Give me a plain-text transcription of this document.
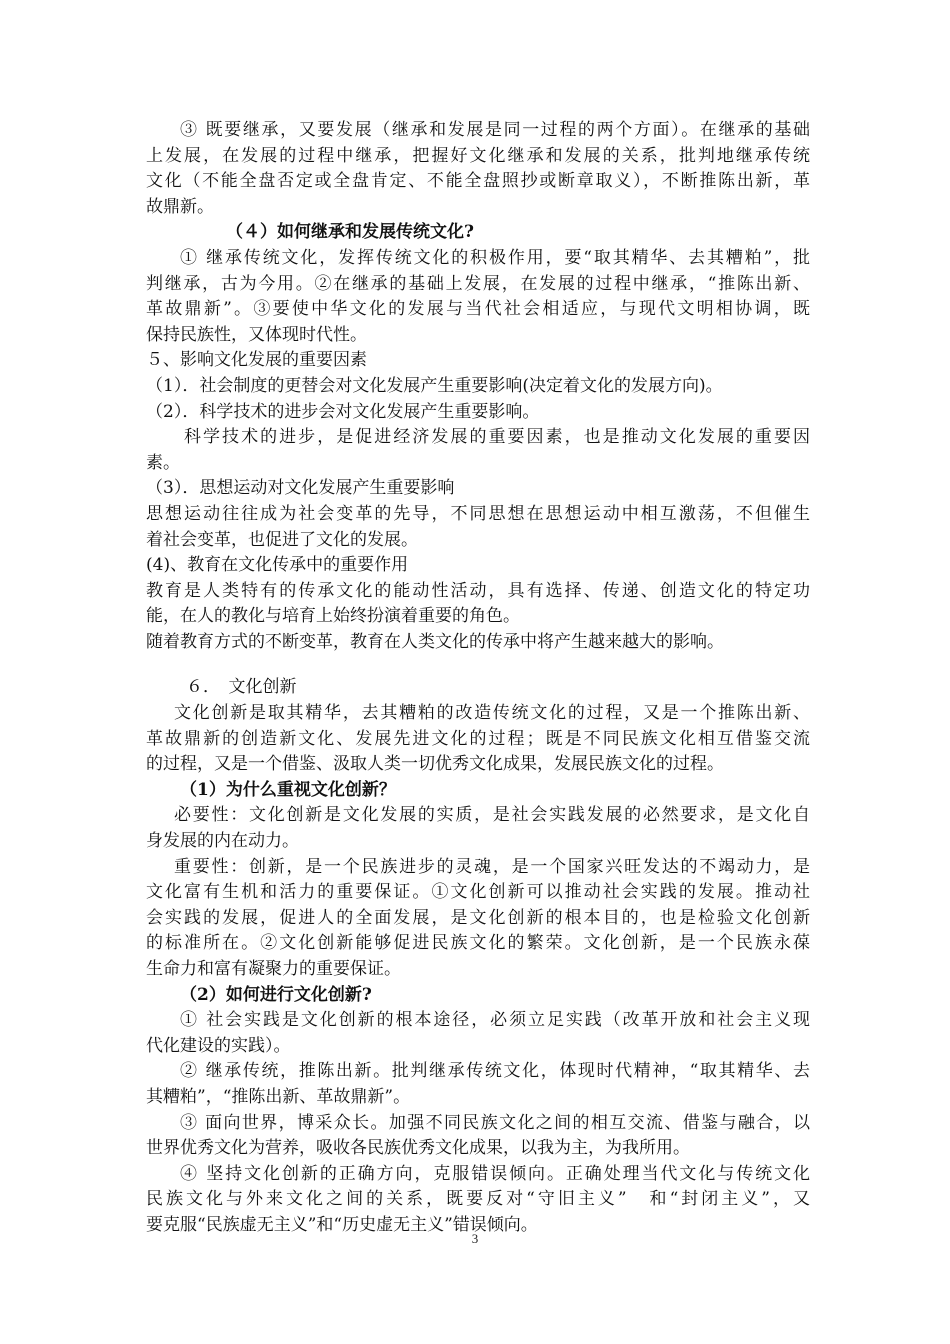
③ 既要继承，又要发展（继承和发展是同一过程的两个方面）。在继承的基础
上发展，在发展的过程中继承，把握好文化继承和发展的关系，批判地继承传统
文化（不能全盘否定或全盘肯定、不能全盘照抄或断章取义），不断推陈出新，革
故鼎新。
（４）如何继承和发展传统文化?
① 继承传统文化，发挥传统文化的积极作用，要“取其精华、去其糟粕”，批
判继承，古为今用。②在继承的基础上发展，在发展的过程中继承，“推陈出新、
革故鼎新”。③要使中华文化的发展与当代社会相适应，与现代文明相协调，既
保持民族性，又体现时代性。
５、影响文化发展的重要因素
（1）．社会制度的更替会对文化发展产生重要影响(决定着文化的发展方向)。
（2）．科学技术的进步会对文化发展产生重要影响。
科学技术的进步，是促进经济发展的重要因素，也是推动文化发展的重要因
素。
（3）．思想运动对文化发展产生重要影响
思想运动往往成为社会变革的先导，不同思想在思想运动中相互激荡，不但催生
着社会变革，也促进了文化的发展。
(4)、教育在文化传承中的重要作用
教育是人类特有的传承文化的能动性活动，具有选择、传递、创造文化的特定功
能，在人的教化与培育上始终扮演着重要的角色。
随着教育方式的不断变革，教育在人类文化的传承中将产生越来越大的影响。
６．　文化创新
文化创新是取其精华，去其糟粕的改造传统文化的过程，又是一个推陈出新、
革故鼎新的创造新文化、发展先进文化的过程；既是不同民族文化相互借鉴交流
的过程，又是一个借鉴、汲取人类一切优秀文化成果，发展民族文化的过程。
（1）为什么重视文化创新？
必要性：文化创新是文化发展的实质，是社会实践发展的必然要求，是文化自
身发展的内在动力。
重要性：创新，是一个民族进步的灵魂，是一个国家兴旺发达的不竭动力，是
文化富有生机和活力的重要保证。①文化创新可以推动社会实践的发展。推动社
会实践的发展，促进人的全面发展，是文化创新的根本目的，也是检验文化创新
的标准所在。②文化创新能够促进民族文化的繁荣。文化创新，是一个民族永葆
生命力和富有凝聚力的重要保证。
（2）如何进行文化创新?
① 社会实践是文化创新的根本途径，必须立足实践（改革开放和社会主义现
代化建设的实践）。
② 继承传统，推陈出新。批判继承传统文化，体现时代精神，“取其精华、去
其糟粕”，“推陈出新、革故鼎新”。
③ 面向世界，博采众长。加强不同民族文化之间的相互交流、借鉴与融合，以
世界优秀文化为营养，吸收各民族优秀文化成果，以我为主，为我所用。
④ 坚持文化创新的正确方向，克服错误倾向。正确处理当代文化与传统文化
民族文化与外来文化之间的关系，既要反对“守旧主义”　和“封闭主义”，又
要克服“民族虚无主义”和“历史虚无主义”错误倾向。
3
